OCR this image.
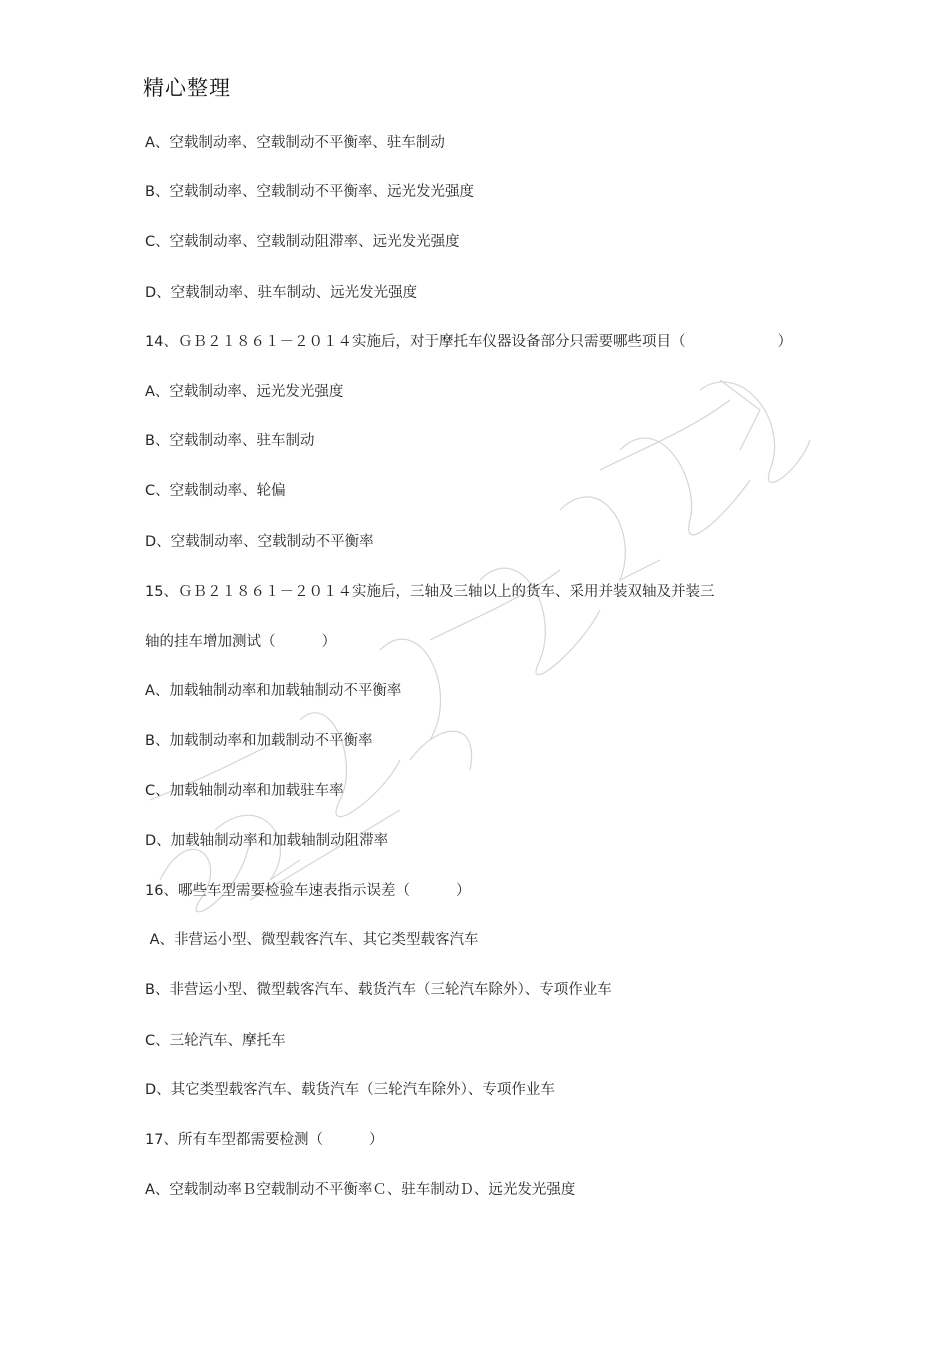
精心整理
A、空载制动率、空载制动不平衡率、驻车制动
B、空载制动率、空载制动不平衡率、远光发光强度
C、空载制动率、空载制动阻滞率、远光发光强度
D、空载制动率、驻车制动、远光发光强度
14、ＧＢ２１８６１－２０１４实施后，对于摩托车仪器设备部分只需要哪些项目（                    ）
A、空载制动率、远光发光强度
B、空载制动率、驻车制动
C、空载制动率、轮偏
D、空载制动率、空载制动不平衡率
15、ＧＢ２１８６１－２０１４实施后，三轴及三轴以上的货车、采用并装双轴及并装三
轴的挂车增加测试（          ）
A、加载轴制动率和加载轴制动不平衡率
B、加载制动率和加载制动不平衡率
C、加载轴制动率和加载驻车率
D、加载轴制动率和加载轴制动阻滞率
16、哪些车型需要检验车速表指示误差（          ）
A、非营运小型、微型载客汽车、其它类型载客汽车
B、非营运小型、微型载客汽车、载货汽车（三轮汽车除外）、专项作业车
C、三轮汽车、摩托车
D、其它类型载客汽车、载货汽车（三轮汽车除外）、专项作业车
17、所有车型都需要检测（          ）
A、空载制动率Ｂ空载制动不平衡率Ｃ、驻车制动Ｄ、远光发光强度
